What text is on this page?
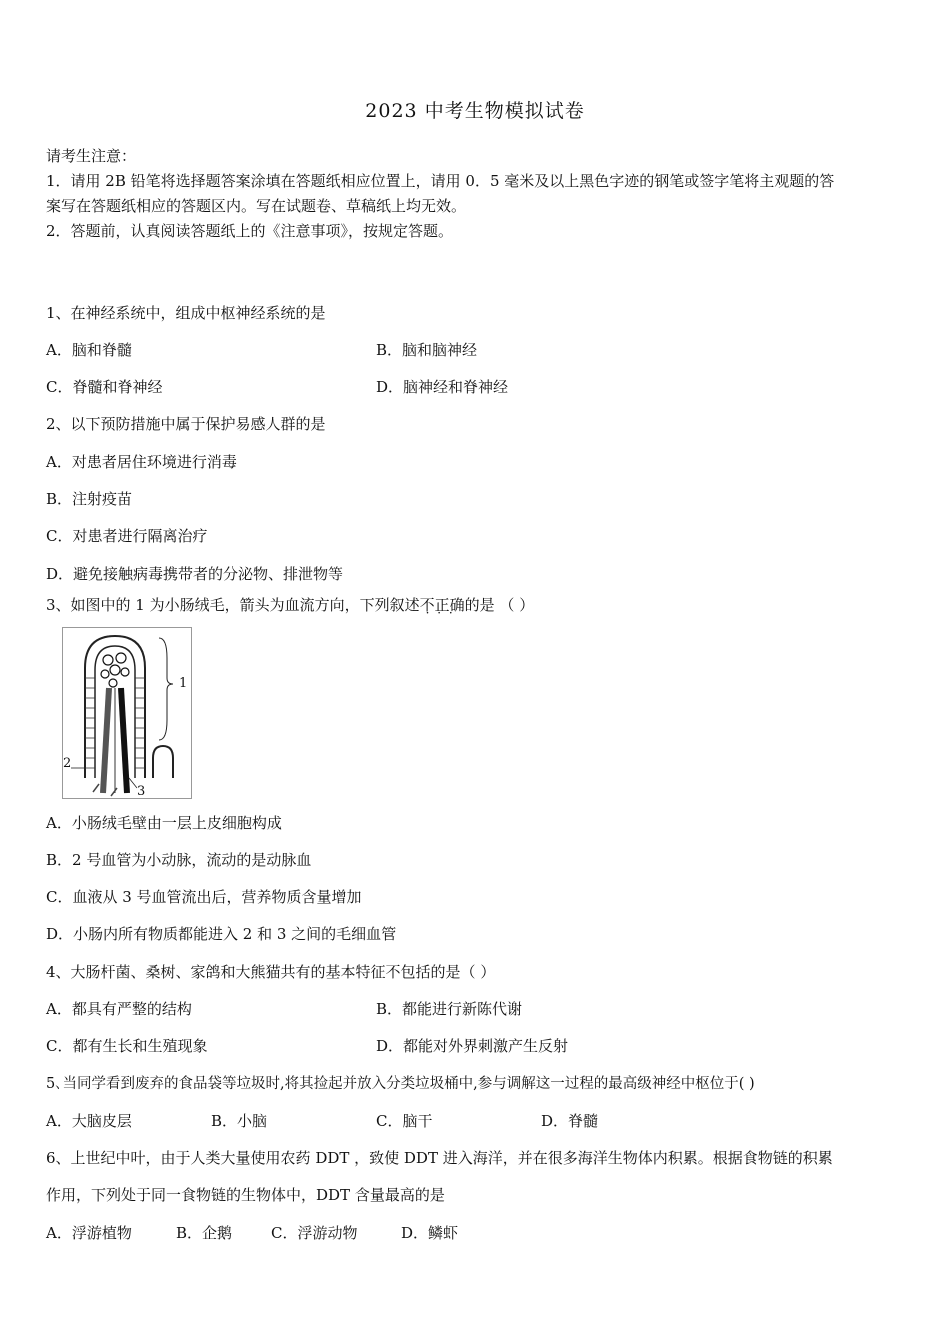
2023 中考生物模拟试卷
请考生注意：
1．请用 2B 铅笔将选择题答案涂填在答题纸相应位置上，请用 0．5 毫米及以上黑色字迹的钢笔或签字笔将主观题的答
案写在答题纸相应的答题区内。写在试题卷、草稿纸上均无效。
2．答题前，认真阅读答题纸上的《注意事项》，按规定答题。
1、在神经系统中，组成中枢神经系统的是
A．脑和脊髓	B．脑和脑神经
C．脊髓和脊神经	D．脑神经和脊神经
2、以下预防措施中属于保护易感人群的是
A．对患者居住环境进行消毒
B．注射疫苗
C．对患者进行隔离治疗
D．避免接触病毒携带者的分泌物、排泄物等
3、如图中的 1 为小肠绒毛，箭头为血流方向，下列叙述不正确 · · ·的是 （ ）
1
2
3
A．小肠绒毛壁由一层上皮细胞构成
B．2 号血管为小动脉，流动的是动脉血
C．血液从 3 号血管流出后，营养物质含量增加
D．小肠内所有物质都能进入 2 和 3 之间的毛细血管
4、大肠杆菌、桑树、家鸽和大熊猫共有的基本特征不包括的是（ ）
A．都具有严整的结构	B．都能进行新陈代谢
C．都有生长和生殖现象	D．都能对外界刺激产生反射
5､当同学看到废弃的食品袋等垃圾时,将其捡起并放入分类垃圾桶中,参与调解这一过程的最高级神经中枢位于( )
A．大脑皮层	B．小脑	C．脑干	D．脊髓
6、上世纪中叶，由于人类大量使用农药 DDT ，致使 DDT 进入海洋，并在很多海洋生物体内积累。根据食物链的积累
作用，下列处于同一食物链的生物体中，DDT 含量最高的是
A．浮游植物	B．企鹅	C．浮游动物	D．鳞虾
